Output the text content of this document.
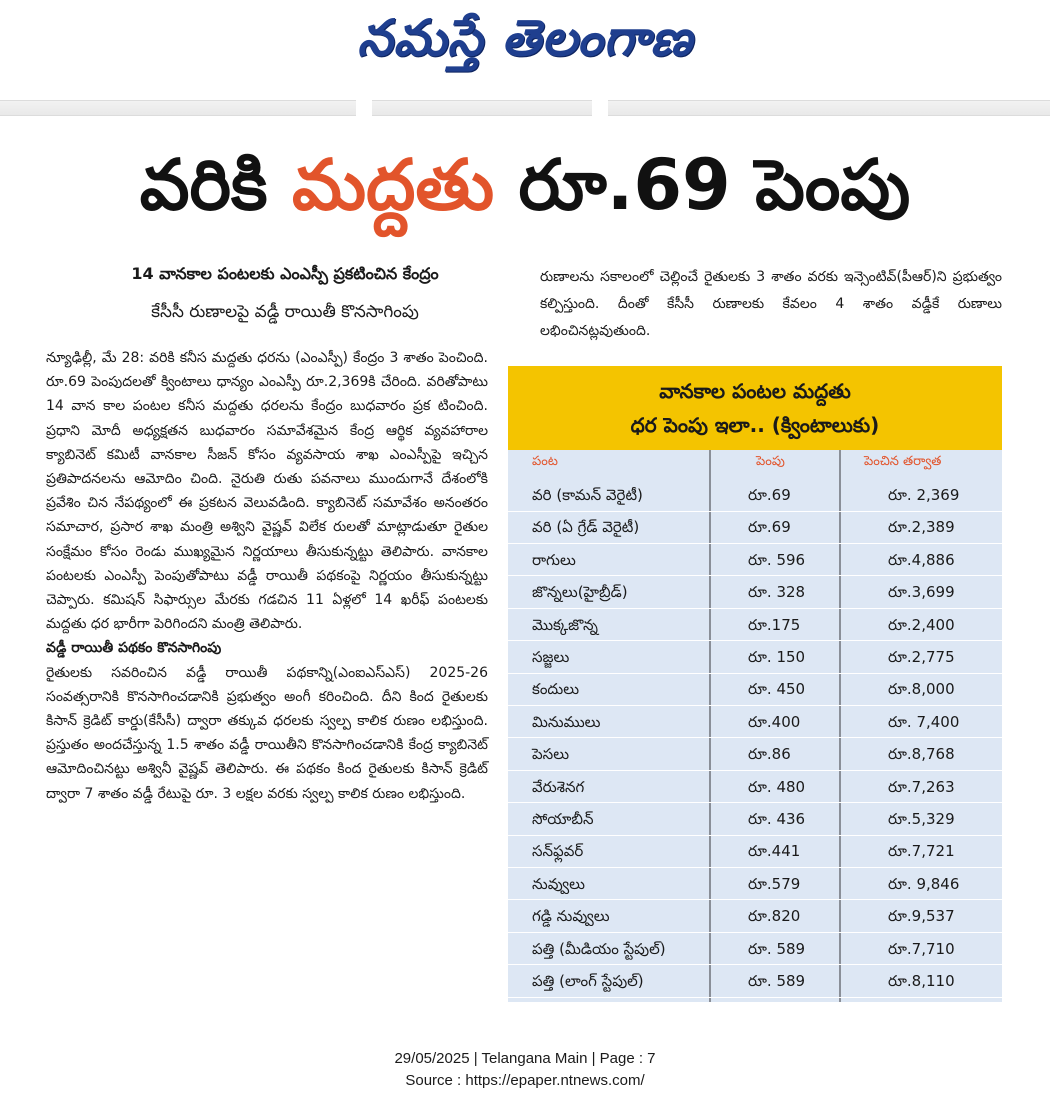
నమస్తే తెలంగాణ
వరికి మద్దతు రూ.69 పెంపు
14 వానకాల పంటలకు ఎంఎస్పీ ప్రకటించిన కేంద్రం
కేసీసీ రుణాలపై వడ్డీ రాయితీ కొనసాగింపు

న్యూఢిల్లీ, మే 28: వరికి కనీస మద్దతు ధరను (ఎంఎస్పీ) కేంద్రం 3 శాతం పెంచింది. రూ.69 పెంపుదలతో క్వింటాలు ధాన్యం ఎంఎస్పీ రూ.2,369కి చేరింది. వరితోపాటు 14 వాన కాల పంటల కనీస మద్దతు ధరలను కేంద్రం బుధవారం ప్రక టించింది. ప్రధాని మోదీ అధ్యక్షతన బుధవారం సమావేశమైన కేంద్ర ఆర్థిక వ్యవహారాల క్యాబినెట్ కమిటీ వానకాల సీజన్ కోసం వ్యవసాయ శాఖ ఎంఎస్పీపై ఇచ్చిన ప్రతిపాదనలను ఆమోదిం చింది. నైరుతి రుతు పవనాలు ముందుగానే దేశంలోకి ప్రవేశిం చిన నేపథ్యంలో ఈ ప్రకటన వెలువడింది. క్యాబినెట్ సమావేశం అనంతరం సమాచార, ప్రసార శాఖ మంత్రి అశ్విని వైష్ణవ్ విలేక రులతో మాట్లాడుతూ రైతుల సంక్షేమం కోసం రెండు ముఖ్యమైన నిర్ణయాలు తీసుకున్నట్టు తెలిపారు. వానకాల పంటలకు ఎంఎస్పీ పెంపుతోపాటు వడ్డీ రాయితీ పథకంపై నిర్ణయం తీసుకున్నట్టు చెప్పారు. కమిషన్ సిఫార్సుల మేరకు గడచిన 11 ఏళ్లలో 14 ఖరీఫ్ పంటలకు మద్దతు ధర భారీగా పెరిగిందని మంత్రి తెలిపారు.

వడ్డీ రాయితీ పథకం కొనసాగింపు

రైతులకు సవరించిన వడ్డీ రాయితీ పథకాన్ని(ఎంఐఎస్ఎస్) 2025-26 సంవత్సరానికి కొనసాగించడానికి ప్రభుత్వం అంగీ కరించింది. దీని కింద రైతులకు కిసాన్ క్రెడిట్ కార్డు(కేసీసీ) ద్వారా తక్కువ ధరలకు స్వల్ప కాలిక రుణం లభిస్తుంది. ప్రస్తుతం అందచేస్తున్న 1.5 శాతం వడ్డీ రాయితీని కొనసాగించడానికి కేంద్ర క్యాబినెట్ ఆమోదించినట్టు అశ్వినీ వైష్ణవ్ తెలిపారు. ఈ పథకం కింద రైతులకు కిసాన్ క్రెడిట్ ద్వారా 7 శాతం వడ్డీ రేటుపై రూ. 3 లక్షల వరకు స్వల్ప కాలిక రుణం లభిస్తుంది.

రుణాలను సకాలంలో చెల్లించే రైతులకు 3 శాతం వరకు ఇన్సెంటివ్(పీఆర్)ని ప్రభుత్వం కల్పిస్తుంది. దీంతో కేసీసీ రుణాలకు కేవలం 4 శాతం వడ్డీకే రుణాలు లభించినట్లవుతుంది.
వానకాల పంటల మద్దతు
ధర పెంపు ఇలా.. (క్వింటాలుకు)
పంట	పెంపు	పెంచిన తర్వాత
వరి (కామన్ వెరైటీ)	రూ.69	రూ. 2,369
వరి (ఏ గ్రేడ్ వెరైటీ)	రూ.69	రూ.2,389
రాగులు	రూ. 596	రూ.4,886
జొన్నలు(హైబ్రీడ్)	రూ. 328	రూ.3,699
మొక్కజొన్న	రూ.175	రూ.2,400
సజ్జలు	రూ. 150	రూ.2,775
కందులు	రూ. 450	రూ.8,000
మినుములు	రూ.400	రూ. 7,400
పెసలు	రూ.86	రూ.8,768
వేరుశెనగ	రూ. 480	రూ.7,263
సోయాబీన్	రూ. 436	రూ.5,329
సన్‌ఫ్లవర్	రూ.441	రూ.7,721
నువ్వులు	రూ.579	రూ. 9,846
గడ్డి నువ్వులు	రూ.820	రూ.9,537
పత్తి (మీడియం స్టేపుల్)	రూ. 589	రూ.7,710
పత్తి (లాంగ్ స్టేపుల్)	రూ. 589	రూ.8,110
29/05/2025 | Telangana Main | Page : 7
Source : https://epaper.ntnews.com/
